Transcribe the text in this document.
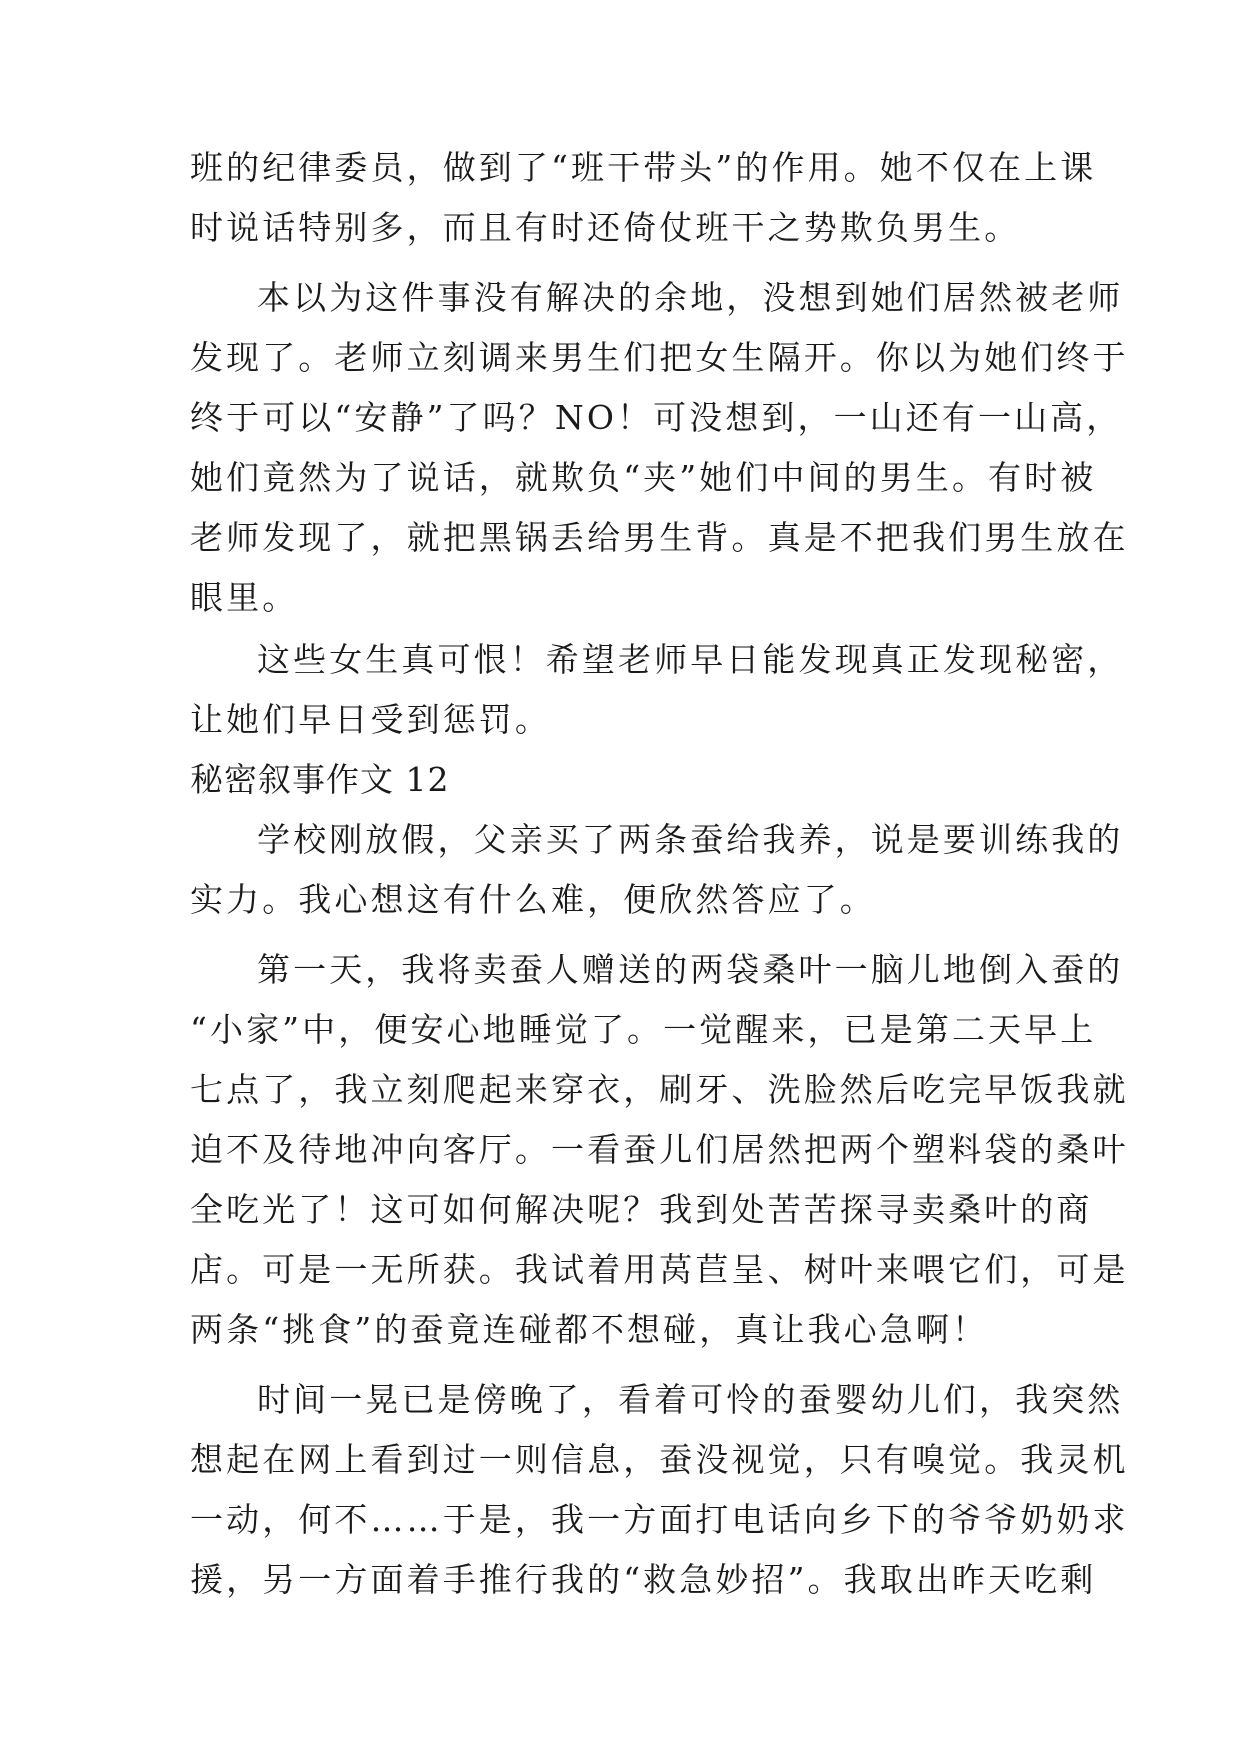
班的纪律委员，做到了“班干带头”的作用。她不仅在上课
时说话特别多，而且有时还倚仗班干之势欺负男生。
本以为这件事没有解决的余地，没想到她们居然被老师
发现了。老师立刻调来男生们把女生隔开。你以为她们终于
终于可以“安静”了吗？NO！可没想到，一山还有一山高，
她们竟然为了说话，就欺负“夹”她们中间的男生。有时被
老师发现了，就把黑锅丢给男生背。真是不把我们男生放在
眼里。
这些女生真可恨！希望老师早日能发现真正发现秘密，
让她们早日受到惩罚。
秘密叙事作文 12
学校刚放假，父亲买了两条蚕给我养，说是要训练我的
实力。我心想这有什么难，便欣然答应了。
第一天，我将卖蚕人赠送的两袋桑叶一脑儿地倒入蚕的
“小家”中，便安心地睡觉了。一觉醒来，已是第二天早上
七点了，我立刻爬起来穿衣，刷牙、洗脸然后吃完早饭我就
迫不及待地冲向客厅。一看蚕儿们居然把两个塑料袋的桑叶
全吃光了！这可如何解决呢？我到处苦苦探寻卖桑叶的商
店。可是一无所获。我试着用莴苣呈、树叶来喂它们，可是
两条“挑食”的蚕竟连碰都不想碰，真让我心急啊！
时间一晃已是傍晚了，看着可怜的蚕婴幼儿们，我突然
想起在网上看到过一则信息，蚕没视觉，只有嗅觉。我灵机
一动，何不……于是，我一方面打电话向乡下的爷爷奶奶求
援，另一方面着手推行我的“救急妙招”。我取出昨天吃剩
